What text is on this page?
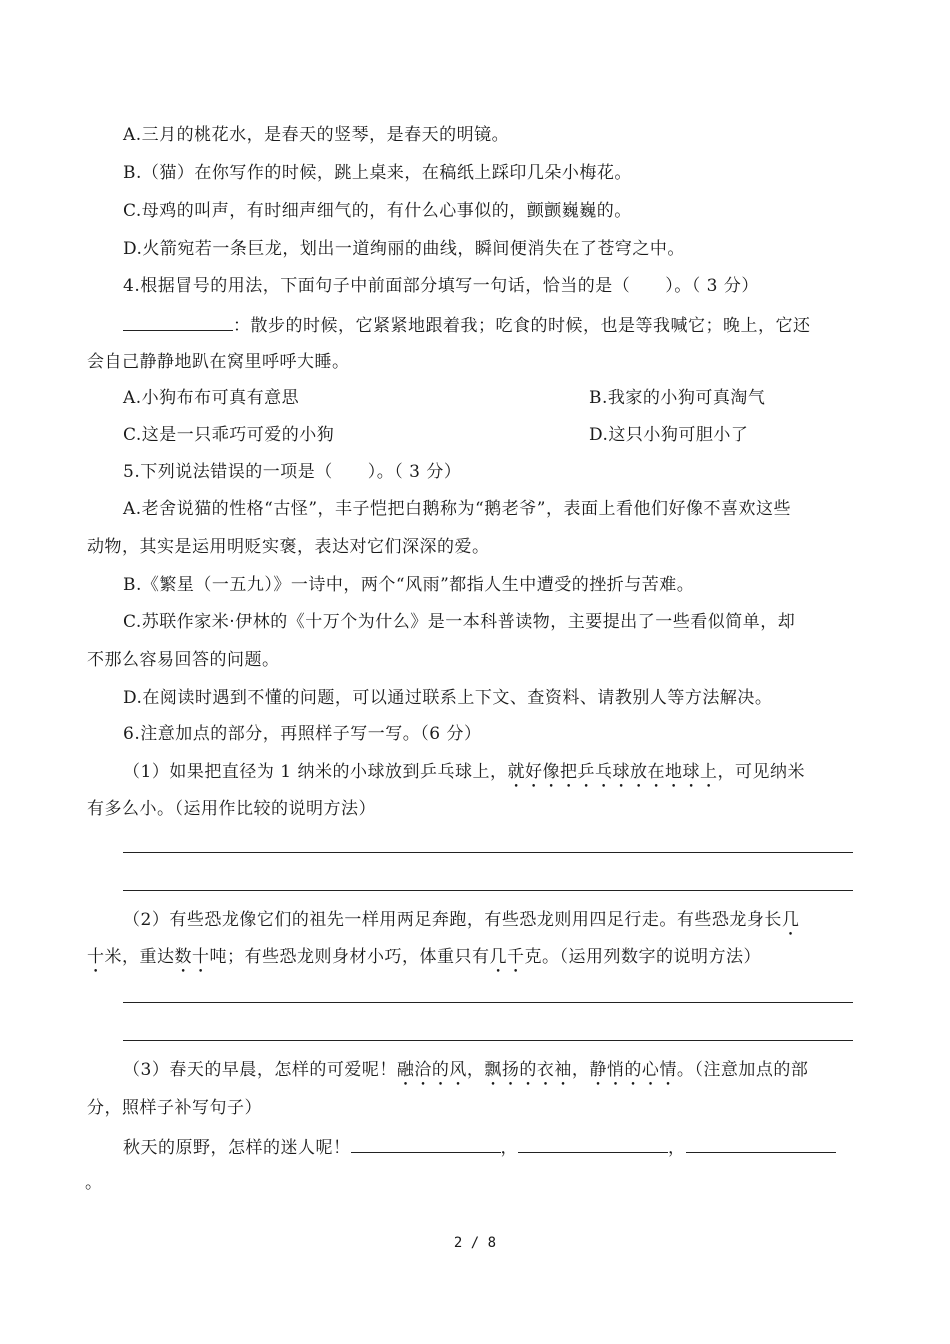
A.三月的桃花水，是春天的竖琴，是春天的明镜。
B.（猫）在你写作的时候，跳上桌来，在稿纸上踩印几朵小梅花。
C.母鸡的叫声，有时细声细气的，有什么心事似的，颤颤巍巍的。
D.火箭宛若一条巨龙，划出一道绚丽的曲线，瞬间便消失在了苍穹之中。
4.根据冒号的用法，下面句子中前面部分填写一句话，恰当的是（　　）。（ 3 分）
：散步的时候，它紧紧地跟着我；吃食的时候，也是等我喊它；晚上，它还
会自己静静地趴在窝里呼呼大睡。
A.小狗布布可真有意思	B.我家的小狗可真淘气
C.这是一只乖巧可爱的小狗	D.这只小狗可胆小了
5.下列说法错误的一项是（　　）。（ 3 分）
A.老舍说猫的性格“古怪”，丰子恺把白鹅称为“鹅老爷”，表面上看他们好像不喜欢这些
动物，其实是运用明贬实褒，表达对它们深深的爱。
B.《繁星（一五九）》一诗中，两个“风雨”都指人生中遭受的挫折与苦难。
C.苏联作家米·伊林的《十万个为什么》是一本科普读物，主要提出了一些看似简单，却
不那么容易回答的问题。
D.在阅读时遇到不懂的问题，可以通过联系上下文、查资料、请教别人等方法解决。
6.注意加点的部分，再照样子写一写。（6 分）
（1）如果把直径为 1 纳米的小球放到乒乓球上，就好像把乒乓球放在地球上，可见纳米
有多么小。（运用作比较的说明方法）
（2）有些恐龙像它们的祖先一样用两足奔跑，有些恐龙则用四足行走。有些恐龙身长几
十米，重达数十吨；有些恐龙则身材小巧，体重只有几千克。（运用列数字的说明方法）
（3）春天的早晨，怎样的可爱呢！融洽的风，飘扬的衣袖，静悄的心情。（注意加点的部
分，照样子补写句子）
秋天的原野，怎样的迷人呢！	，	，
。
2 / 8
